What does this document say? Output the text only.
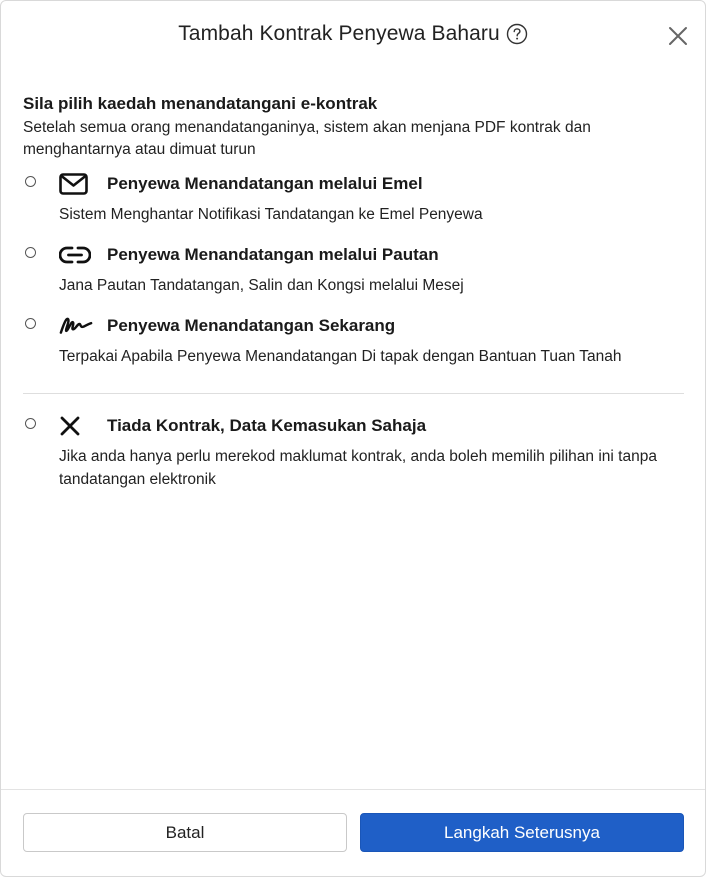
Tambah Kontrak Penyewa Baharu
Sila pilih kaedah menandatangani e-kontrak
Setelah semua orang menandatanganinya, sistem akan menjana PDF kontrak dan menghantarnya atau dimuat turun
Penyewa Menandatangan melalui Emel
Sistem Menghantar Notifikasi Tandatangan ke Emel Penyewa
Penyewa Menandatangan melalui Pautan
Jana Pautan Tandatangan, Salin dan Kongsi melalui Mesej
Penyewa Menandatangan Sekarang
Terpakai Apabila Penyewa Menandatangan Di tapak dengan Bantuan Tuan Tanah
Tiada Kontrak, Data Kemasukan Sahaja
Jika anda hanya perlu merekod maklumat kontrak, anda boleh memilih pilihan ini tanpa tandatangan elektronik
Batal	Langkah Seterusnya
